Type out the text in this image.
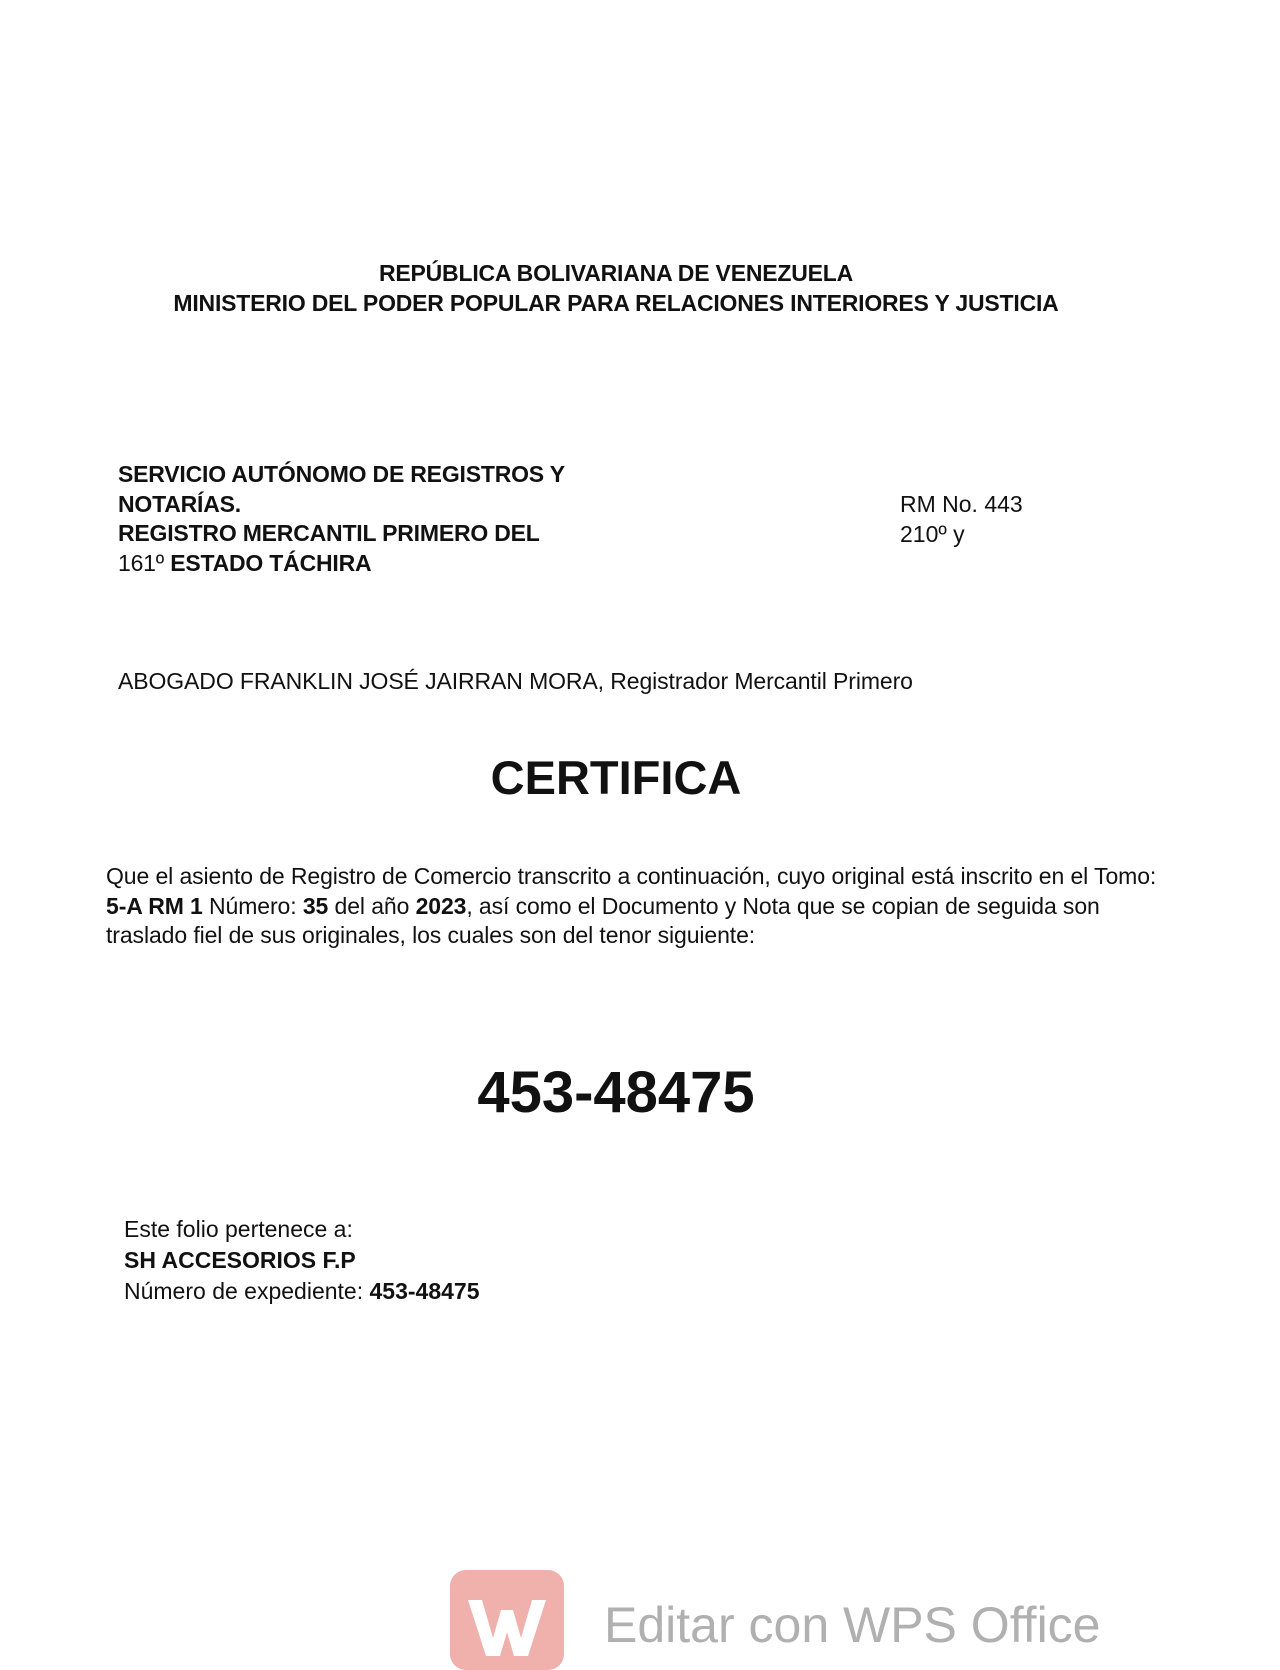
REPÚBLICA BOLIVARIANA DE VENEZUELA
MINISTERIO DEL PODER POPULAR PARA RELACIONES INTERIORES Y JUSTICIA
SERVICIO AUTÓNOMO DE REGISTROS Y
NOTARÍAS.
REGISTRO MERCANTIL PRIMERO DEL
161º ESTADO TÁCHIRA
RM No. 443
210º y
ABOGADO FRANKLIN JOSÉ JAIRRAN MORA, Registrador Mercantil Primero
CERTIFICA
Que el asiento de Registro de Comercio transcrito a continuación, cuyo original está inscrito en el Tomo: 5-A RM 1 Número: 35 del año 2023, así como el Documento y Nota que se copian de seguida son traslado fiel de sus originales, los cuales son del tenor siguiente:
453-48475
Este folio pertenece a:
SH ACCESORIOS F.P
Número de expediente: 453-48475
Editar con WPS Office
